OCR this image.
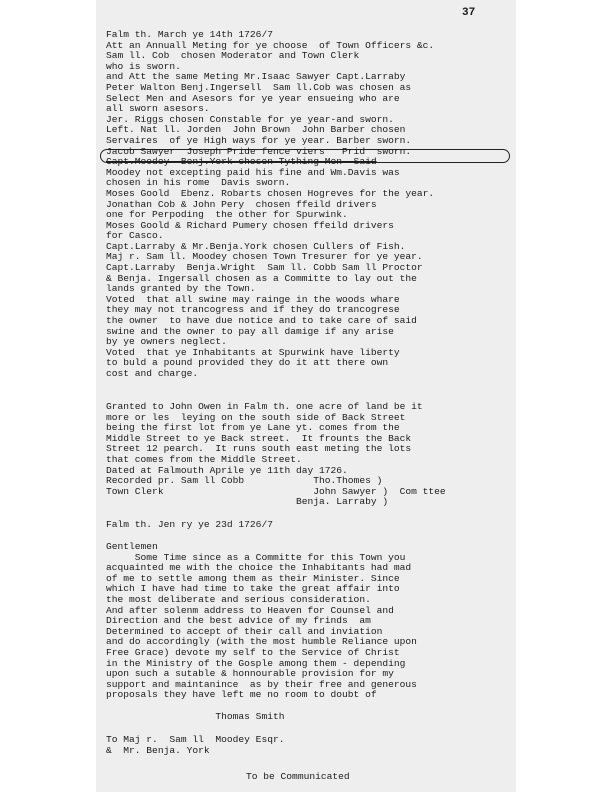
37
Falm th. March ye 14th 1726/7
Att an Annuall Meting for ye choose  of Town Officers &c.
Sam ll. Cob  chosen Moderator and Town Clerk
who is sworn.
and Att the same Meting Mr.Isaac Sawyer Capt.Larraby
Peter Walton Benj.Ingersell  Sam ll.Cob was chosen as
Select Men and Asesors for ye year ensueing who are
all sworn asesors.
Jer. Riggs chosen Constable for ye year-and sworn.
Left. Nat ll. Jorden  John Brown  John Barber chosen
Servaires  of ye High ways for ye year. Barber sworn.
Jacob Sawyer  Joseph Pride fence viers   Prid  sworn.
Capt.Moodey  Benj.York chosen Tything Men  Said
Moodey not excepting paid his fine and Wm.Davis was
chosen in his rome  Davis sworn.
Moses Goold  Ebenz. Robarts chosen Hogreves for the year.
Jonathan Cob & John Pery  chosen ffeild drivers
one for Perpoding  the other for Spurwink.
Moses Goold & Richard Pumery chosen ffeild drivers
for Casco.
Capt.Larraby & Mr.Benja.York chosen Cullers of Fish.
Maj r. Sam ll. Moodey chosen Town Tresurer for ye year.
Capt.Larraby  Benja.Wright  Sam ll. Cobb Sam ll Proctor
& Benja. Ingersall chosen as a Committe to lay out the
lands granted by the Town.
Voted  that all swine may rainge in the woods whare
they may not trancogress and if they do trancogrese
the owner  to have due notice and to take care of said
swine and the owner to pay all damige if any arise
by ye owners neglect.
Voted  that ye Inhabitants at Spurwink have liberty
to buld a pound provided they do it att there own
cost and charge.
Granted to John Owen in Falm th. one acre of land be it
more or les  leying on the south side of Back Street
being the first lot from ye Lane yt. comes from the
Middle Street to ye Back street.  It frounts the Back
Street 12 pearch.  It runs south east meting the lots
that comes from the Middle Street.
Dated at Falmouth Aprile ye 11th day 1726.
Recorded pr. Sam ll Cobb            Tho.Thomes )
Town Clerk                          John Sawyer )  Com ttee
Benja. Larraby )
Falm th. Jen ry ye 23d 1726/7
Gentlemen
Some Time since as a Committe for this Town you
acquainted me with the choice the Inhabitants had mad
of me to settle among them as their Minister. Since
which I have had time to take the great affair into
the most deliberate and serious consideration.
And after solenm address to Heaven for Counsel and
Direction and the best advice of my frinds  am
Determined to accept of their call and inviation
and do accordingly (with the most humble Reliance upon
Free Grace) devote my self to the Service of Christ
in the Ministry of the Gosple among them - depending
upon such a sutable & honnourable provision for my
support and maintanince  as by their free and generous
proposals they have left me no room to doubt of
Thomas Smith
To Maj r.  Sam ll  Moodey Esqr.
&  Mr. Benja. York
To be Communicated
